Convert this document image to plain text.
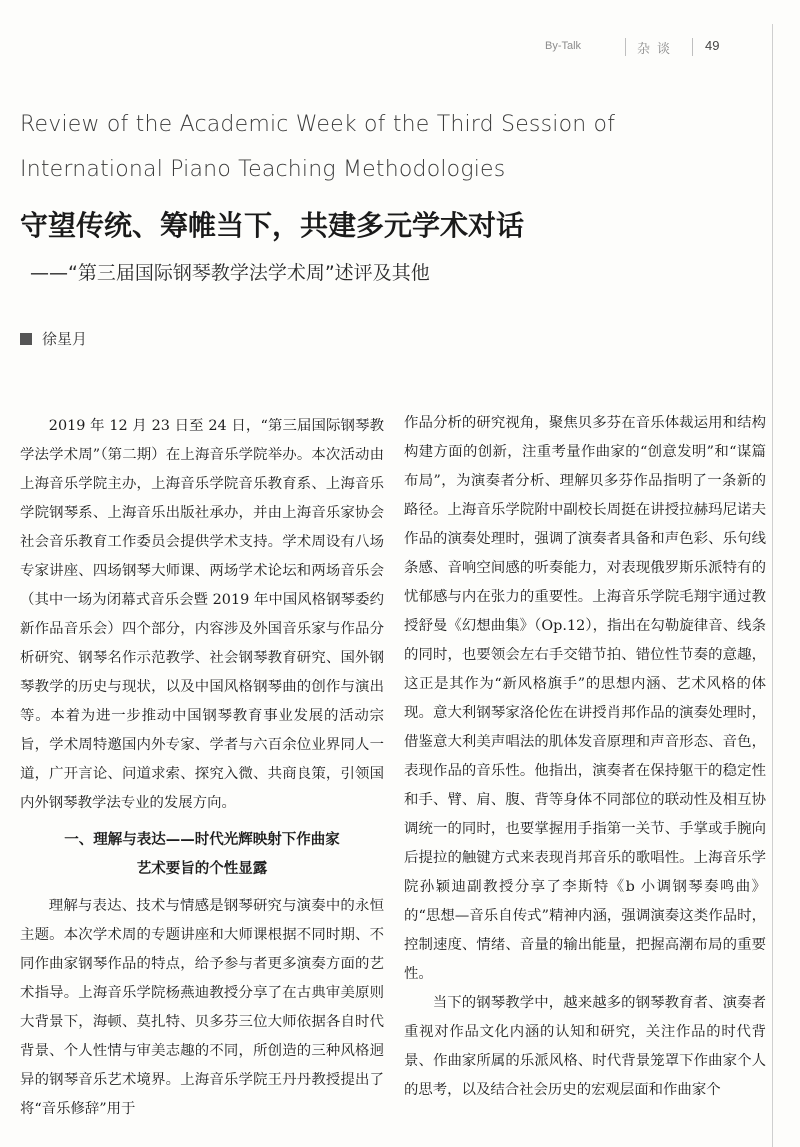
By-Talk	杂谈 49
Review of the Academic Week of the Third Session of
International Piano Teaching Methodologies
守望传统、筹帷当下，共建多元学术对话
——“第三届国际钢琴教学法学术周”述评及其他
徐星月

2019 年 12 月 23 日至 24 日，“第三届国际钢琴教学法学术周”（第二期）在上海音乐学院举办。本次活动由上海音乐学院主办，上海音乐学院音乐教育系、上海音乐学院钢琴系、上海音乐出版社承办，并由上海音乐家协会社会音乐教育工作委员会提供学术支持。学术周设有八场专家讲座、四场钢琴大师课、两场学术论坛和两场音乐会（其中一场为闭幕式音乐会暨 2019 年中国风格钢琴委约新作品音乐会）四个部分，内容涉及外国音乐家与作品分析研究、钢琴名作示范教学、社会钢琴教育研究、国外钢琴教学的历史与现状，以及中国风格钢琴曲的创作与演出等。本着为进一步推动中国钢琴教育事业发展的活动宗旨，学术周特邀国内外专家、学者与六百余位业界同人一道，广开言论、问道求索、探究入微、共商良策，引领国内外钢琴教学法专业的发展方向。

一、理解与表达——时代光辉映射下作曲家
艺术要旨的个性显露

理解与表达、技术与情感是钢琴研究与演奏中的永恒主题。本次学术周的专题讲座和大师课根据不同时期、不同作曲家钢琴作品的特点，给予参与者更多演奏方面的艺术指导。上海音乐学院杨燕迪教授分享了在古典审美原则大背景下，海顿、莫扎特、贝多芬三位大师依据各自时代背景、个人性情与审美志趣的不同，所创造的三种风格迥异的钢琴音乐艺术境界。上海音乐学院王丹丹教授提出了将“音乐修辞”用于

作品分析的研究视角，聚焦贝多芬在音乐体裁运用和结构构建方面的创新，注重考量作曲家的“创意发明”和“谋篇布局”，为演奏者分析、理解贝多芬作品指明了一条新的路径。上海音乐学院附中副校长周挺在讲授拉赫玛尼诺夫作品的演奏处理时，强调了演奏者具备和声色彩、乐句线条感、音响空间感的听奏能力，对表现俄罗斯乐派特有的忧郁感与内在张力的重要性。上海音乐学院毛翔宇通过教授舒曼《幻想曲集》（Op.12），指出在勾勒旋律音、线条的同时，也要领会左右手交错节拍、错位性节奏的意趣，这正是其作为“新风格旗手”的思想内涵、艺术风格的体现。意大利钢琴家洛伦佐在讲授肖邦作品的演奏处理时，借鉴意大利美声唱法的肌体发音原理和声音形态、音色，表现作品的音乐性。他指出，演奏者在保持躯干的稳定性和手、臂、肩、腹、背等身体不同部位的联动性及相互协调统一的同时，也要掌握用手指第一关节、手掌或手腕向后提拉的触键方式来表现肖邦音乐的歌唱性。上海音乐学院孙颖迪副教授分享了李斯特《b 小调钢琴奏鸣曲》的“思想—音乐自传式”精神内涵，强调演奏这类作品时，控制速度、情绪、音量的输出能量，把握高潮布局的重要性。

当下的钢琴教学中，越来越多的钢琴教育者、演奏者重视对作品文化内涵的认知和研究，关注作品的时代背景、作曲家所属的乐派风格、时代背景笼罩下作曲家个人的思考，以及结合社会历史的宏观层面和作曲家个
